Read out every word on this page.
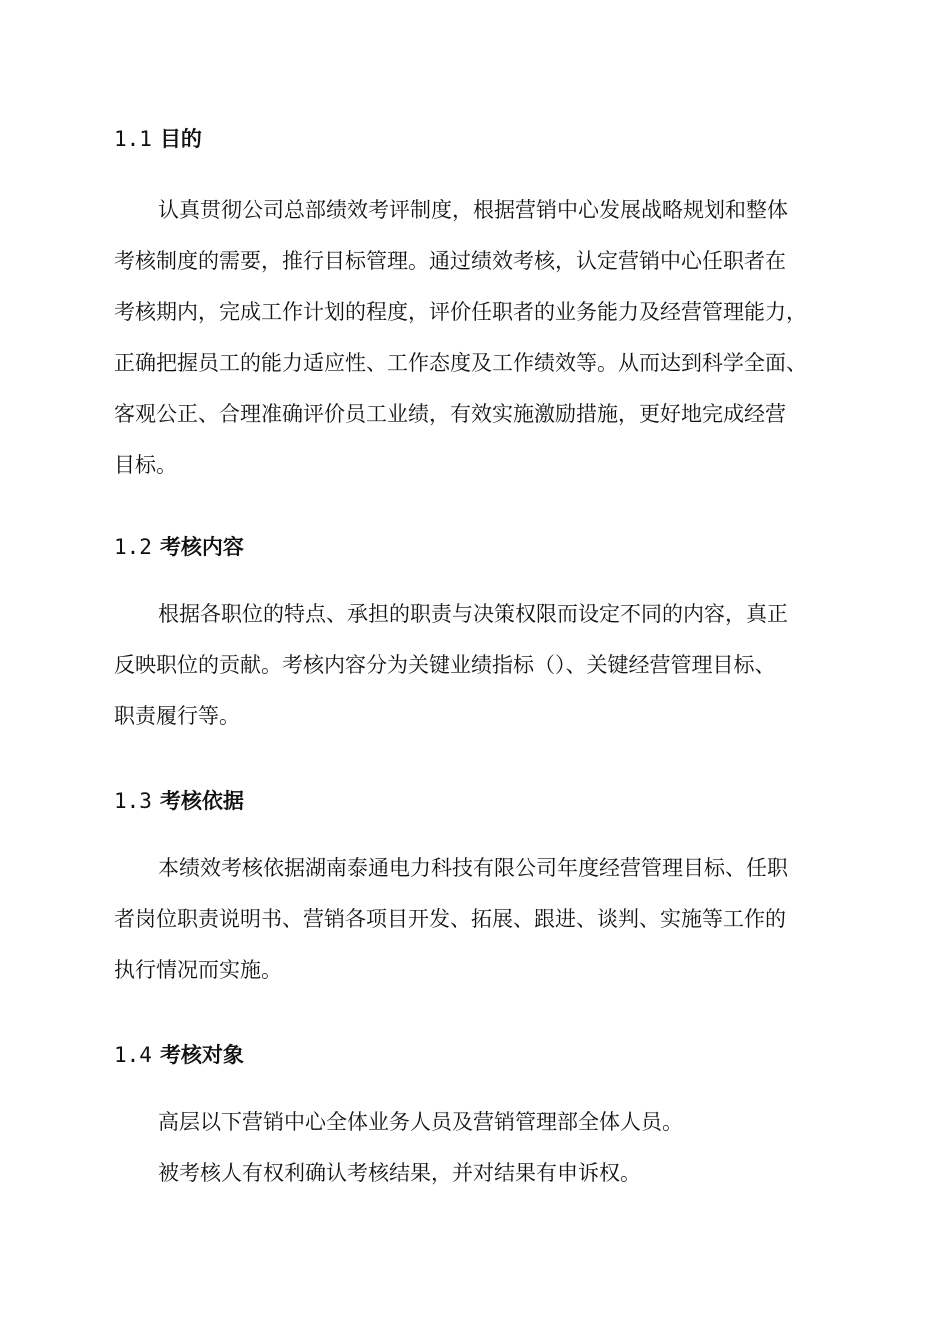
1.1 目的

认真贯彻公司总部绩效考评制度，根据营销中心发展战略规划和整体
考核制度的需要，推行目标管理。通过绩效考核，认定营销中心任职者在
考核期内，完成工作计划的程度，评价任职者的业务能力及经营管理能力，
正确把握员工的能力适应性、工作态度及工作绩效等。从而达到科学全面、
客观公正、合理准确评价员工业绩，有效实施激励措施，更好地完成经营
目标。

1.2 考核内容

根据各职位的特点、承担的职责与决策权限而设定不同的内容，真正
反映职位的贡献。考核内容分为关键业绩指标（）、关键经营管理目标、
职责履行等。

1.3 考核依据

本绩效考核依据湖南泰通电力科技有限公司年度经营管理目标、任职
者岗位职责说明书、营销各项目开发、拓展、跟进、谈判、实施等工作的
执行情况而实施。

1.4 考核对象

高层以下营销中心全体业务人员及营销管理部全体人员。

被考核人有权利确认考核结果，并对结果有申诉权。
